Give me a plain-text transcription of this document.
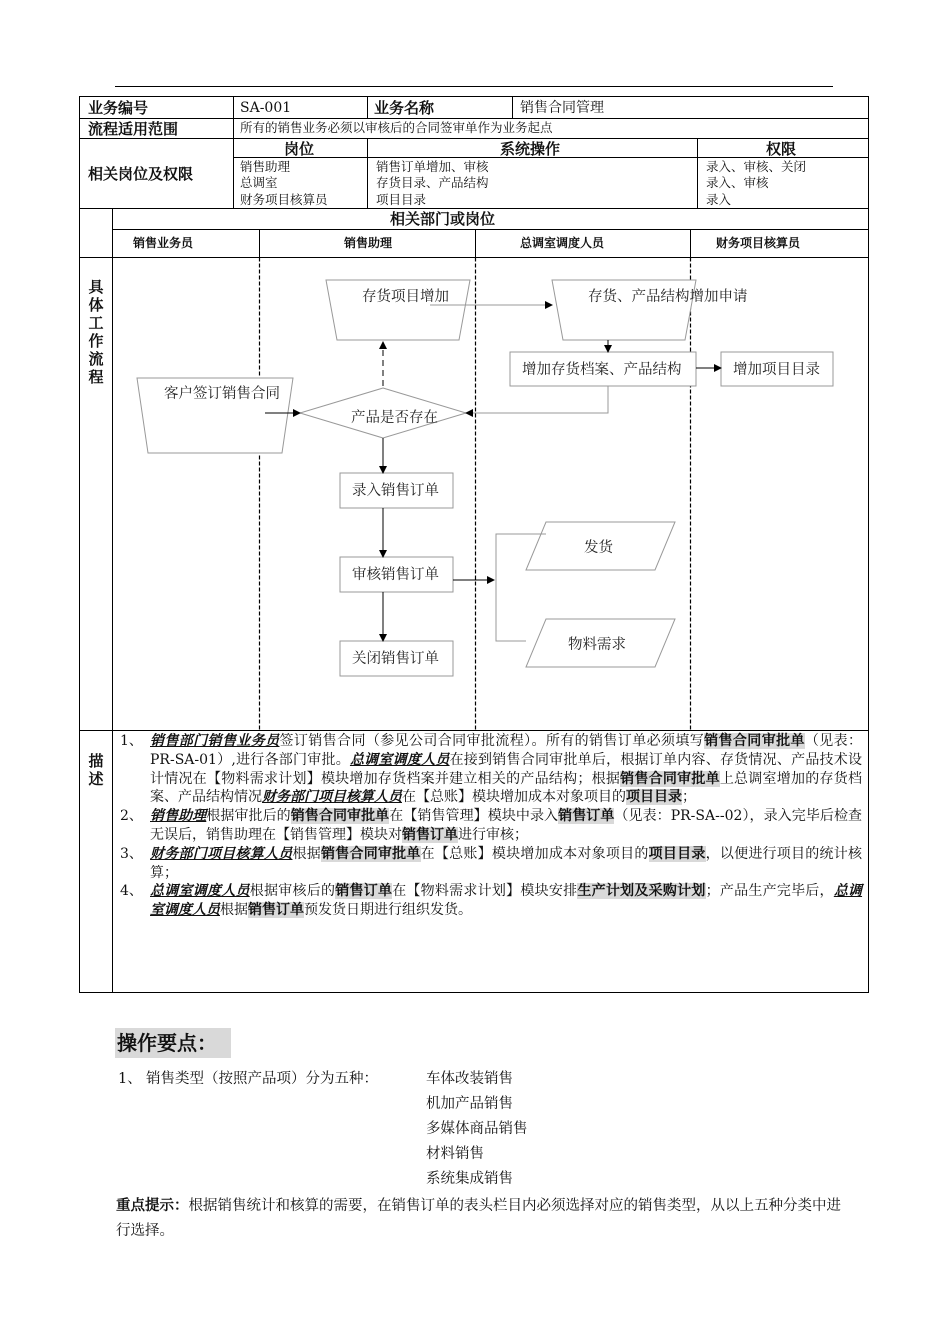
业务编号	SA-001	业务名称	销售合同管理
流程适用范围	所有的销售业务必须以审核后的合同签审单作为业务起点
相关岗位及权限
岗位	系统操作	权限
销售助理	销售订单增加、审核	录入、审核、关闭
总调室	存货目录、产品结构	录入、审核
财务项目核算员	项目目录	录入
相关部门或岗位
销售业务员	销售助理	总调室调度人员	财务项目核算员
具
体
工
作
流
程
描
述
客户签订销售合同
存货项目增加	存货、产品结构增加申请
增加存货档案、产品结构	增加项目目录
产品是否存在
录入销售订单
审核销售订单
关闭销售订单
发货
物料需求
1、 销售部门销售业务员签订销售合同（参见公司合同审批流程）。所有的销售订单必须填写销售合同审批单（见表：PR-SA-01）,进行各部门审批。总调室调度人员在接到销售合同审批单后，根据订单内容、存货情况、产品技术设计情况在【物料需求计划】模块增加存货档案并建立相关的产品结构；根据销售合同审批单上总调室增加的存货档案、产品结构情况财务部门项目核算人员在【总账】模块增加成本对象项目的项目目录；
2、 销售助理根据审批后的销售合同审批单在【销售管理】模块中录入销售订单（见表：PR-SA--02），录入完毕后检查无误后，销售助理在【销售管理】模块对销售订单进行审核；
3、 财务部门项目核算人员根据销售合同审批单在【总账】模块增加成本对象项目的项目目录，以便进行项目的统计核算；
4、 总调室调度人员根据审核后的销售订单在【物料需求计划】模块安排生产计划及采购计划；产品生产完毕后，总调室调度人员根据销售订单预发货日期进行组织发货。
操作要点：
1、 销售类型（按照产品项）分为五种：	车体改装销售
机加产品销售
多媒体商品销售
材料销售
系统集成销售
重点提示：根据销售统计和核算的需要，在销售订单的表头栏目内必须选择对应的销售类型，从以上五种分类中进行选择。
